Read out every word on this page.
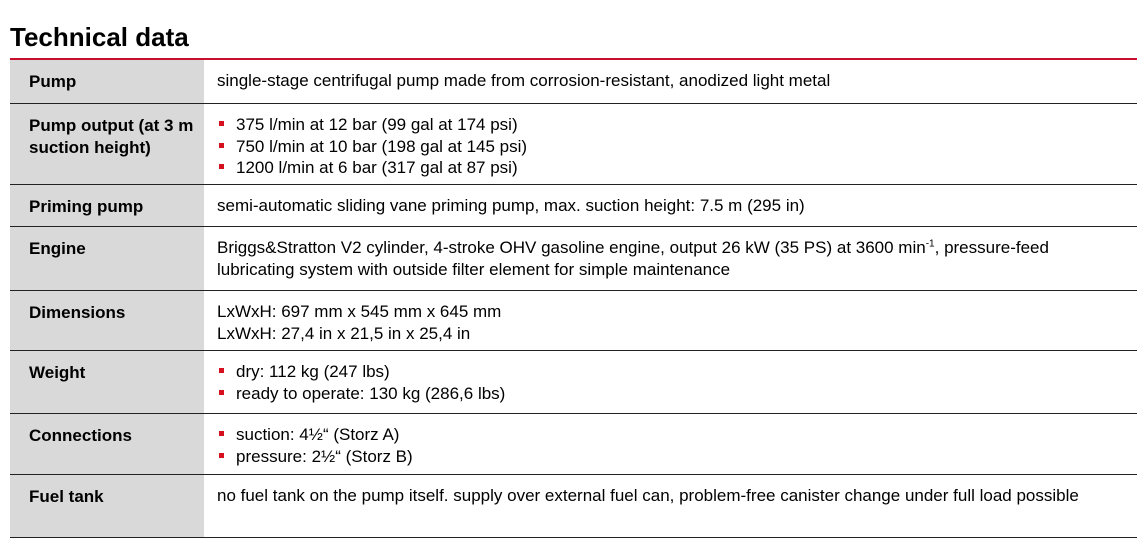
Technical data
Pump	single-stage centrifugal pump made from corrosion-resistant, anodized light metal
Pump output (at 3 m suction height)
375 l/min at 12 bar (99 gal at 174 psi)
750 l/min at 10 bar (198 gal at 145 psi)
1200 l/min at 6 bar (317 gal at 87 psi)
Priming pump	semi-automatic sliding vane priming pump, max. suction height: 7.5 m (295 in)
Engine	Briggs&Stratton V2 cylinder, 4-stroke OHV gasoline engine, output 26 kW (35 PS) at 3600 $\min^{-1}$, pressure-feed lubricating system with outside filter element for simple maintenance
Dimensions	LxWxH: 697 mm x 545 mm x 645 mm
LxWxH: 27,4 in x 21,5 in x 25,4 in
Weight	dry: 112 kg (247 lbs)
ready to operate: 130 kg (286,6 lbs)
Connections	suction: 4½“ (Storz A)
pressure: 2½“ (Storz B)
Fuel tank	no fuel tank on the pump itself. supply over external fuel can, problem-free canister change under full load possible
